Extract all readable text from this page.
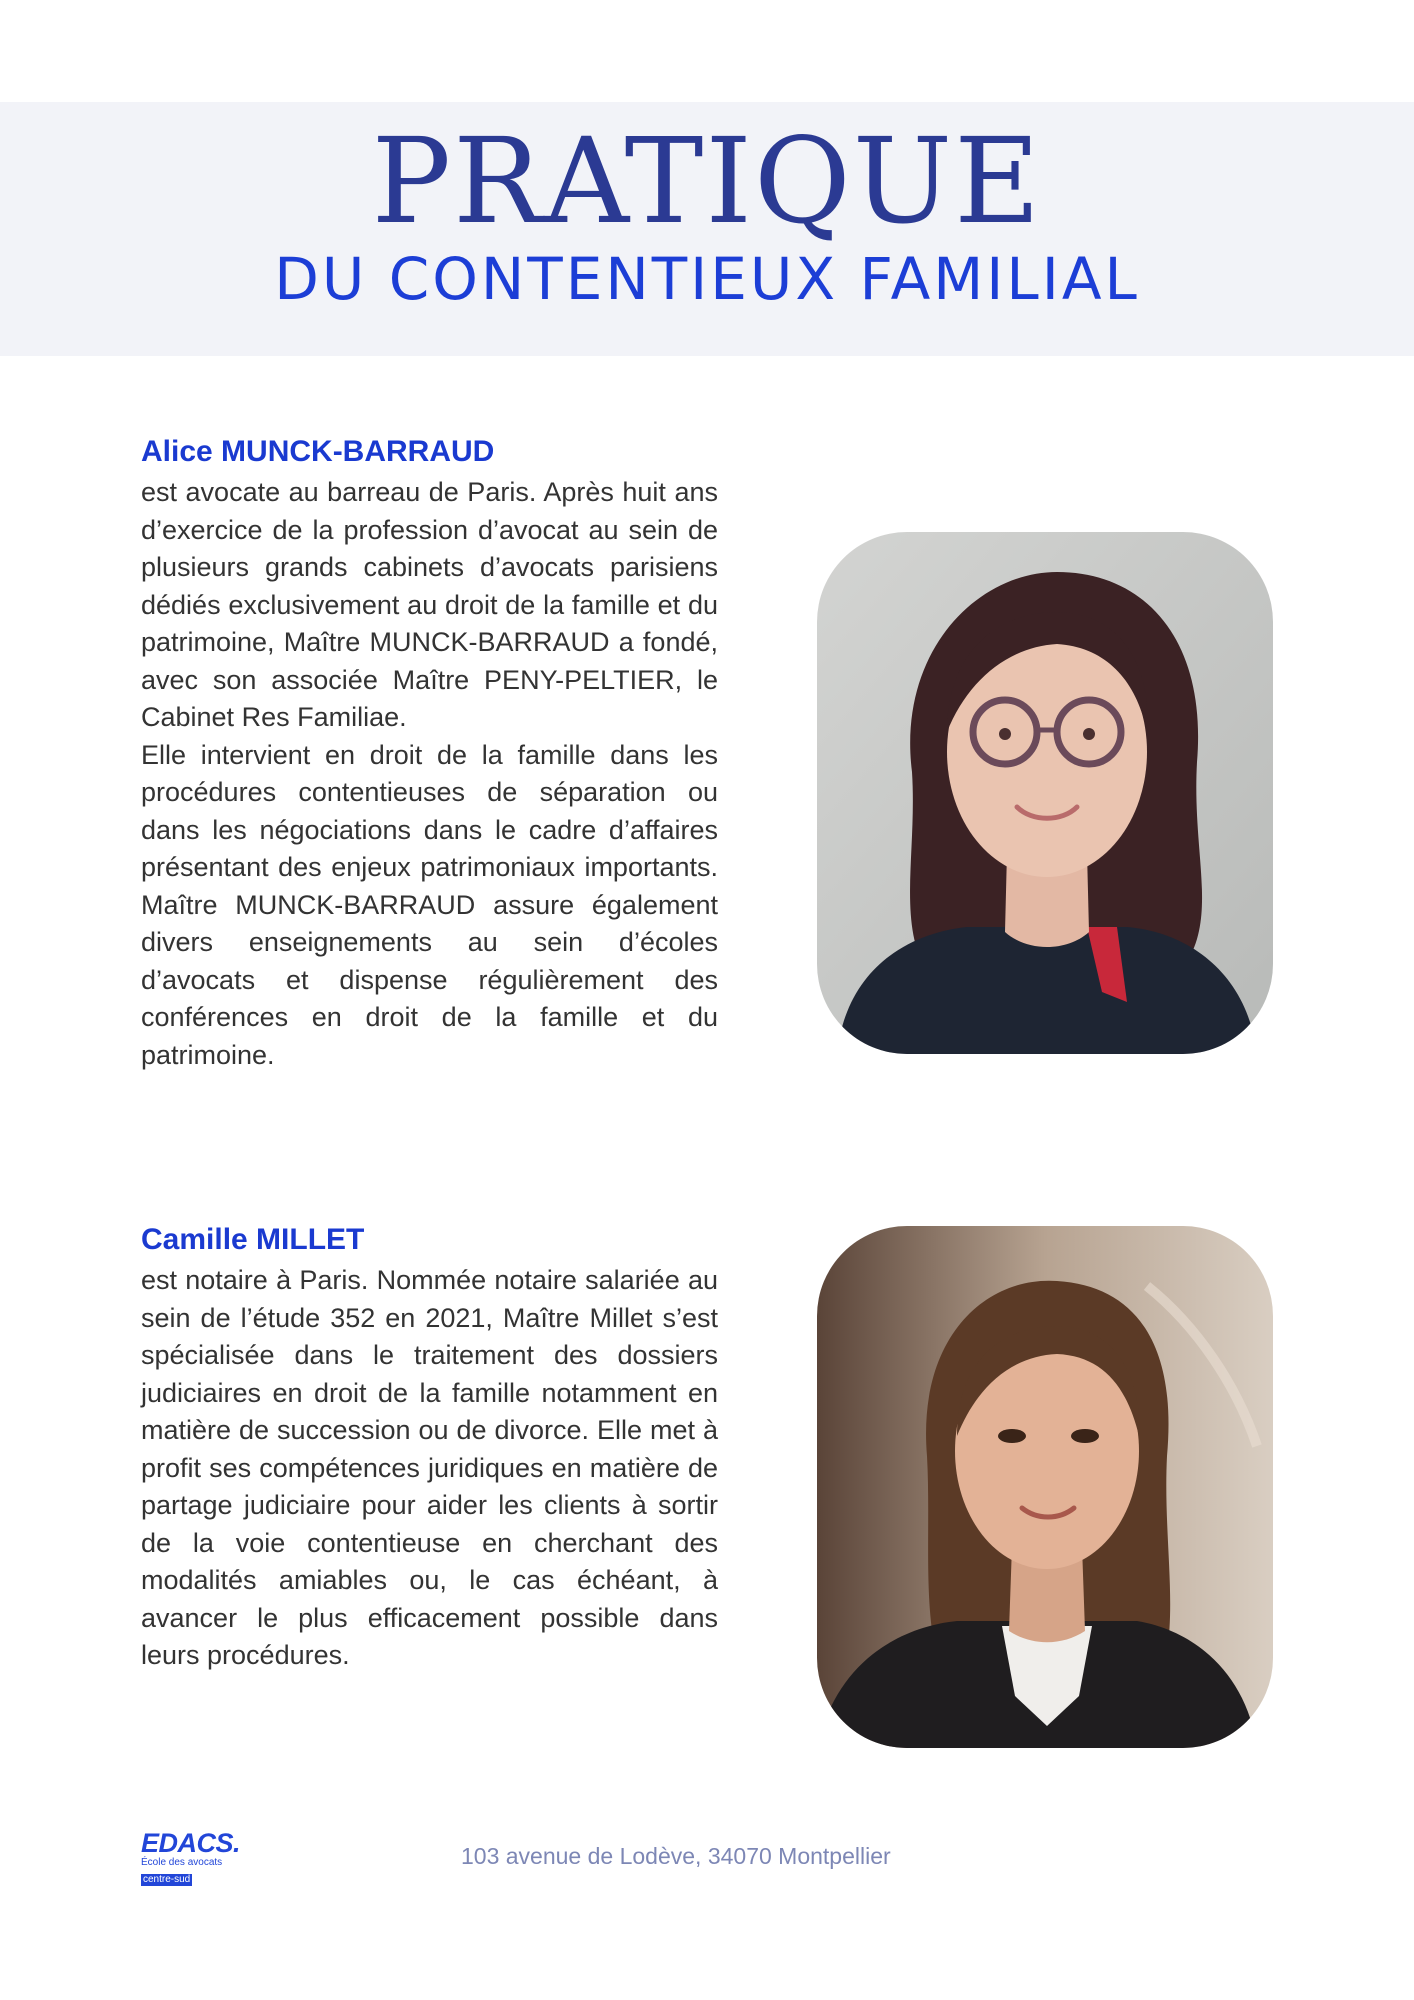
PRATIQUE
DU CONTENTIEUX FAMILIAL
Alice MUNCK-BARRAUD

est avocate au barreau de Paris. Après huit ans d’exercice de la profession d’avocat au sein de plusieurs grands cabinets d’avocats parisiens dédiés exclusivement au droit de la famille et du patrimoine, Maître MUNCK-BARRAUD a fondé, avec son associée Maître PENY-PELTIER, le Cabinet Res Familiae.

Elle intervient en droit de la famille dans les procédures contentieuses de séparation ou dans les négociations dans le cadre d’affaires présentant des enjeux patrimoniaux importants. Maître MUNCK-BARRAUD assure également divers enseignements au sein d’écoles d’avocats et dispense régulièrement des conférences en droit de la famille et du patrimoine.

Camille MILLET

est notaire à Paris. Nommée notaire salariée au sein de l’étude 352 en 2021, Maître Millet s’est spécialisée dans le traitement des dossiers judiciaires en droit de la famille notamment en matière de succession ou de divorce. Elle met à profit ses compétences juridiques en matière de partage judiciaire pour aider les clients à sortir de la voie contentieuse en cherchant des modalités amiables ou, le cas échéant, à avancer le plus efficacement possible dans leurs procédures.

EDACS.
École des avocats
centre-sud
103 avenue de Lodève, 34070 Montpellier
